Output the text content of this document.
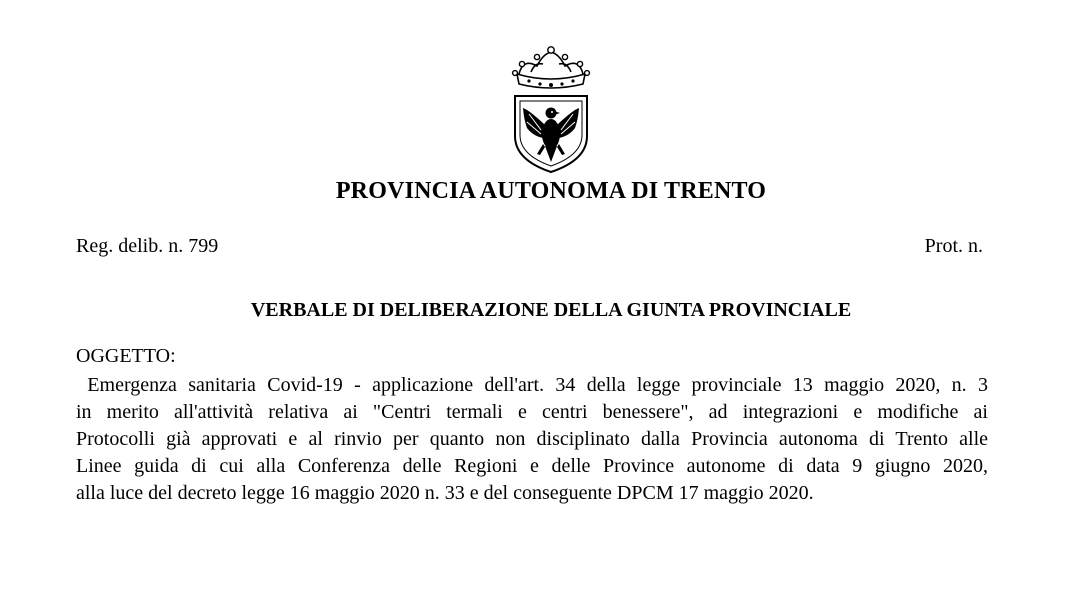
PROVINCIA AUTONOMA DI TRENTO
Reg. delib. n. 799	Prot. n.
VERBALE DI DELIBERAZIONE DELLA GIUNTA PROVINCIALE
OGGETTO:
Emergenza sanitaria Covid-19 - applicazione dell'art. 34 della legge provinciale 13 maggio 2020, n. 3
in merito all'attività relativa ai "Centri termali e centri benessere", ad integrazioni e modifiche ai
Protocolli già approvati e al rinvio per quanto non disciplinato dalla Provincia autonoma di Trento alle
Linee guida di cui alla Conferenza delle Regioni e delle Province autonome di data 9 giugno 2020,
alla luce del decreto legge 16 maggio 2020 n. 33 e del conseguente DPCM 17 maggio 2020.
